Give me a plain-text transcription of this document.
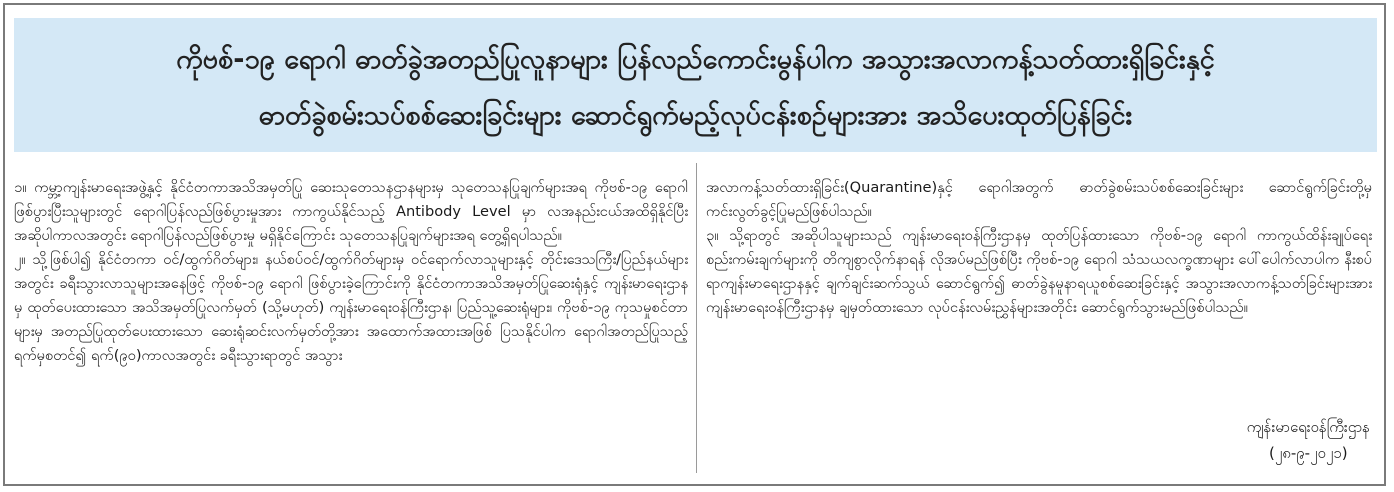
ကိုဗစ်-၁၉ ရောဂါ ဓာတ်ခွဲအတည်ပြုလူနာများ ပြန်လည်ကောင်းမွန်ပါက အသွားအလာကန့်သတ်ထားရှိခြင်းနှင့်
ဓာတ်ခွဲစမ်းသပ်စစ်ဆေးခြင်းများ ဆောင်ရွက်မည့်လုပ်ငန်းစဉ်များအား အသိပေးထုတ်ပြန်ခြင်း

၁။ ကမ္ဘာ့ကျန်းမာရေးအဖွဲ့နှင့် နိုင်ငံတကာအသိအမှတ်ပြု ဆေးသုတေသနဌာနများမှ သုတေသနပြုချက်များအရ ကိုဗစ်-၁၉ ရောဂါ ဖြစ်ပွားပြီးသူများတွင် ရောဂါပြန်လည်ဖြစ်ပွားမှုအား ကာကွယ်နိုင်သည့် Antibody Level မှာ လအနည်းငယ်အထိရှိနိုင်ပြီး အဆိုပါကာလအတွင်း ရောဂါပြန်လည်ဖြစ်ပွားမှု မရှိနိုင်ကြောင်း သုတေသနပြုချက်များအရ တွေ့ရှိရပါသည်။

၂။ သို့ဖြစ်ပါ၍ နိုင်ငံတကာ ဝင်/ထွက်ဂိတ်များ၊ နယ်စပ်ဝင်/ထွက်ဂိတ်များမှ ဝင်ရောက်လာသူများနှင့် တိုင်းဒေသကြီး/ပြည်နယ်များအတွင်း ခရီးသွားလာသူများအနေဖြင့် ကိုဗစ်-၁၉ ရောဂါ ဖြစ်ပွားခဲ့ကြောင်းကို နိုင်ငံတကာအသိအမှတ်ပြုဆေးရုံနှင့် ကျန်းမာရေးဌာနမှ ထုတ်ပေးထားသော အသိအမှတ်ပြုလက်မှတ် (သို့မဟုတ်) ကျန်းမာရေးဝန်ကြီးဌာန၊ ပြည်သူ့ဆေးရုံများ၊ ကိုဗစ်-၁၉ ကုသမှုစင်တာများမှ အတည်ပြုထုတ်ပေးထားသော ဆေးရုံဆင်းလက်မှတ်တို့အား အထောက်အထားအဖြစ် ပြသနိုင်ပါက ရောဂါအတည်ပြုသည့်ရက်မှစတင်၍ ရက်(၉၀)ကာလအတွင်း ခရီးသွားရာတွင် အသွား

အလာကန့်သတ်ထားရှိခြင်း(Quarantine)နှင့် ရောဂါအတွက် ဓာတ်ခွဲစမ်းသပ်စစ်ဆေးခြင်းများ ဆောင်ရွက်ခြင်းတို့မှ ကင်းလွတ်ခွင့်ပြုမည်ဖြစ်ပါသည်။

၃။ သို့ရာတွင် အဆိုပါသူများသည် ကျန်းမာရေးဝန်ကြီးဌာနမှ ထုတ်ပြန်ထားသော ကိုဗစ်-၁၉ ရောဂါ ကာကွယ်ထိန်းချုပ်ရေး စည်းကမ်းချက်များကို တိကျစွာလိုက်နာရန် လိုအပ်မည်ဖြစ်ပြီး ကိုဗစ်-၁၉ ရောဂါ သံသယလက္ခဏာများ ပေါ်ပေါက်လာပါက နီးစပ်ရာကျန်းမာရေးဌာနနှင့် ချက်ချင်းဆက်သွယ် ဆောင်ရွက်၍ ဓာတ်ခွဲနမူနာရယူစစ်ဆေးခြင်းနှင့် အသွားအလာကန့်သတ်ခြင်းများအား ကျန်းမာရေးဝန်ကြီးဌာနမှ ချမှတ်ထားသော လုပ်ငန်းလမ်းညွှန်များအတိုင်း ဆောင်ရွက်သွားမည်ဖြစ်ပါသည်။

ကျန်းမာရေးဝန်ကြီးဌာန
(၂၈-၉-၂၀၂၁)
